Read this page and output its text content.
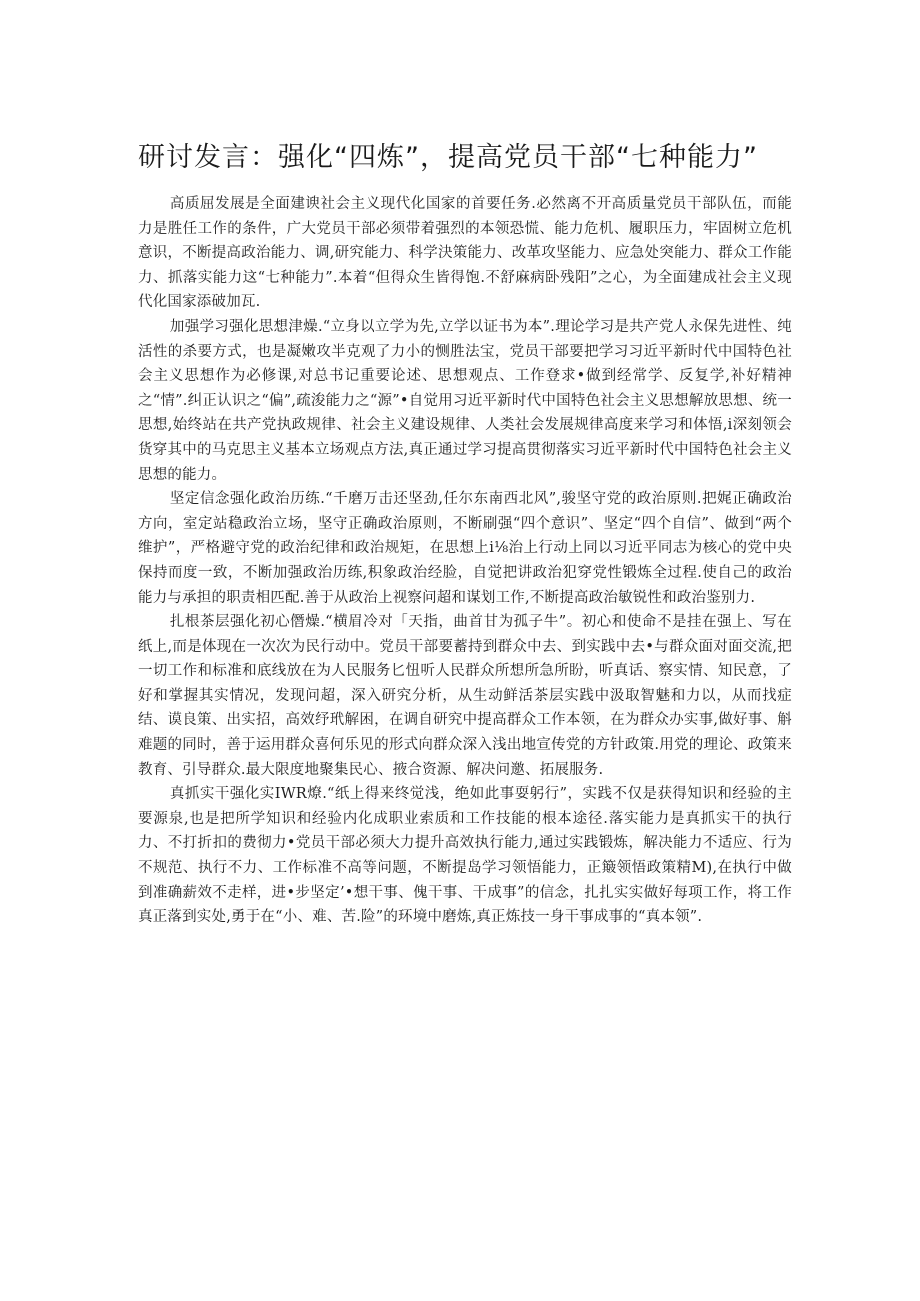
研讨发言：强化“四炼”，提高党员干部“七种能力”

高质屈发展是全面建谀社会主义现代化国家的首要任务.必然离不开高质量党员干部队伍，而能力是胜任工作的条件，广大党员干部必须带着强烈的本领恐慌、能力危机、履职压力，牢固树立危机意识，不断提高政治能力、调,研究能力、科学決策能力、改革攻坚能力、应急处突能力、群众工作能力、抓落实能力这“七种能力”.本着“但得众生皆得饱.不舒麻病卧残阳”之心，为全面建成社会主义现代化国家添破加瓦.

加强学习强化思想津燥.“立身以立学为先,立学以证书为本”.理论学习是共产党人永保先进性、纯活性的杀要方式，也是凝嫩攻半克观了力小的恻胜法宝，党员干部要把学习习近平新时代中国特色社会主义思想作为必修课,对总书记重要论述、思想观点、工作登求•做到经常学、反复学,补好精神之“情”.纠正认识之“偏”,疏浚能力之“源”•自觉用习近平新时代中国特色社会主义思想解放思想、统一思想,始终站在共产党执政规律、社会主义建设规律、人类社会发展规律高度来学习和体悟,i深刻领会货穿其中的马克思主义基本立场观点方法,真正通过学习提高贯彻落实习近平新时代中国特色社会主义思想的能力。

坚定信念强化政治历练.“千磨万击还坚劲,任尔东南西北风”,骏坚守党的政治原则.把娓正确政治方向，室定站稳政治立场，坚守正确政治原则，不断刷强“四个意识”、坚定“四个自信”、做到“两个维护”，严格避守党的政治纪律和政治规矩，在思想上i⅛治上行动上同以习近平同志为核心的党中央保持而度一致，不断加强政治历练,积象政治经脸，自觉把讲政治犯穿党性锻炼全过程.使自己的政治能力与承担的职责相匹配.善于从政治上视察问超和谋划工作,不断提高政治敏锐性和政治鉴别力.

扎根茶层强化初心僭燥.“横眉冷对「天指，曲首甘为孤子牛”。初心和使命不是挂在强上、写在纸上,而是体现在一次次为民行动中。党员干部要蓄持到群众中去、到实践中去•与群众面对面交流,把一切工作和标准和底线放在为人民服务匕忸听人民群众所想所急所盼，听真话、察实情、知民意，了好和掌握其实情况，发现问超，深入研究分析，从生动鲜活茶层实践中汲取智魅和力以，从而找症结、谟良策、出实招，高效纾玳解困，在调自研究中提高群众工作本领，在为群众办实事,做好事、斛难题的同时，善于运用群众喜何乐见的形式向群众深入浅出地宣传党的方针政策.用党的理论、政策来教育、引导群众.最大限度地聚集民心、掖合资源、解决问邀、拓展服务.

真抓实干强化实IWR燎.“纸上得来终觉浅，绝如此事耍躬行”，实践不仅是获得知识和经验的主要源泉,也是把所学知识和经验内化成职业索质和工作技能的根本途径.落实能力是真抓实干的执行力、不打折扣的费彻力•党员干部必须大力提升高效执行能力,通过实践锻炼，解决能力不适应、行为不规范、执行不力、工作标准不高等问题，不断提岛学习领悟能力，正簸领悟政策精M),在执行中做到准确薪效不走样，进•步坚定’•想干事、傀干事、干成事”的信念，扎扎实实做好每项工作，将工作真正落到实处,勇于在“小、难、苦.险”的环境中磨炼,真正炼技一身干事成事的“真本领”.
